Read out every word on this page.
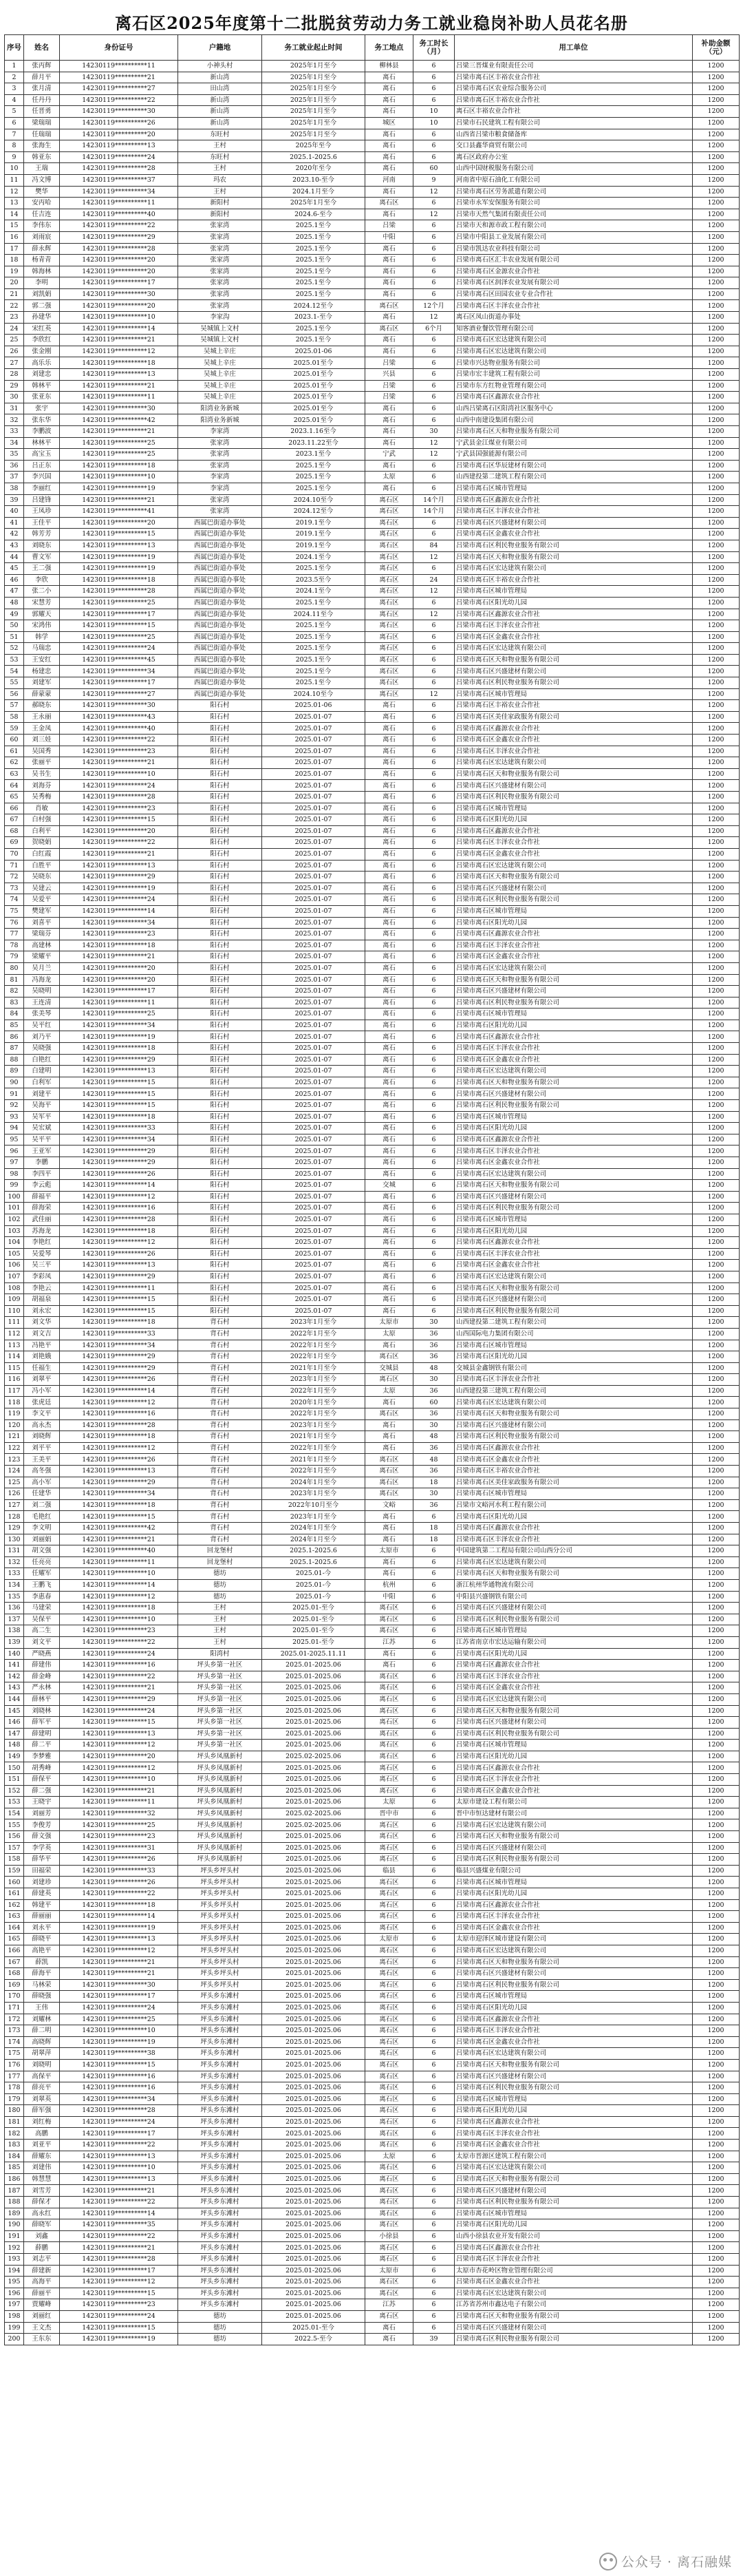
离石区2025年度第十二批脱贫劳动力务工就业稳岗补助人员花名册
序号	姓名	身份证号	户籍地	务工就业起止时间	务工地点	务工时长（月）	用工单位	补助金额（元）
1	张丙辉	14230119**********11	小神头村	2025年1月至今	柳林县	6	吕梁三晋煤业有限责任公司	1200
2	薛月平	14230119**********21	新山湾	2025年1月至今	离石	6	吕梁市离石区丰裕农业合作社	1200
3	张月清	14230119**********27	田山湾	2025年1月至今	离石	6	吕梁市离石区农业综合服务公司	1200
4	任丹丹	14230119**********22	新山湾	2025年1月至今	离石	6	吕梁市离石区丰裕农业合作社	1200
5	任晋勇	14230119**********30	新山湾	2025年1月至今	离石	10	离石区丰裕农业合作社	1200
6	梁瑞瑞	14230119**********26	新山湾	2025年1月至今	城区	10	吕梁市石民建筑工程有限公司	1200
7	任瑞瑞	14230119**********20	东旺村	2025年1月至今	离石	6	山西省吕梁市粮食储备库	1200
8	张海生	14230119**********13	王村	2025年至今	离石	6	交口县鑫华商贸有限公司	1200
9	韩亚东	14230119**********24	东旺村	2025.1-2025.6	离石	6	离石区政府办公室	1200
10	王瑞	14230119**********28	王村	2020年至今	离石	60	山西中国财税服务有限公司	1200
11	冯文博	14230119**********37	玛农	2023.10-至今	河南	9	河南省中原石油化工有限公司	1200
12	樊华	14230119**********34	王村	2024.1月至今	离石	12	吕梁市离石区劳务派遣有限公司	1200
13	安丙哈	14230119**********11	新阳村	2025年1月至今	离石区	6	吕梁市永军安保服务有限公司	1200
14	任吉连	14230119**********40	新阳村	2024.6-至今	离石	12	吕梁市天然气集团有限责任公司	1200
15	李伟东	14230119**********22	张家湾	2025.1至今	吕梁	6	吕梁市天和源市政工程有限公司	1200
16	刘雨宸	14230119**********29	张家湾	2025.1至今	中阳	6	吕梁市中阳县工业发展有限公司	1200
17	薛永辉	14230119**********28	张家湾	2025.1至今	离石	6	吕梁市凯达农业科技有限公司	1200
18	杨青青	14230119**********20	张家湾	2025.1至今	离石	6	吕梁市离石区汇丰农业发展有限公司	1200
19	韩海林	14230119**********20	张家湾	2025.1至今	离石	6	吕梁市离石区金源农业合作社	1200
20	李明	14230119**********17	张家湾	2025.1至今	离石	6	吕梁市离石区润泽农业发展有限公司	1200
21	刘凯娟	14230119**********30	张家湾	2025.1至今	离石	6	吕梁市离石区田园农业专业合作社	1200
22	郭二强	14230119**********20	张家湾	2024.12至今	离石区	12个月	吕梁市离石区丰泽农业合作社	1200
23	孙建华	14230119**********10	李家沟	2023.1-至今	离石	12	离石区凤山街道办事处	1200
24	宋红英	14230119**********14	吴城镇上文村	2025.1至今	离石区	6个月	知客酒业餐饮管理有限公司	1200
25	李欣红	14230119**********21	吴城镇上文村	2025.1至今	离石	6	吕梁市离石区宏达建筑有限公司	1200
26	张金刚	14230119**********12	吴城上辛庄	2025.01-06	离石	6	吕梁市离石区宏达建筑有限公司	1200
27	高乐乐	14230119**********18	吴城上辛庄	2025.01至今	吕梁	6	吕梁市兴达物业服务有限公司	1200
28	刘建忠	14230119**********13	吴城上辛庄	2025.01至今	兴县	6	吕梁市宏丰建筑工程有限公司	1200
29	韩林平	14230119**********21	吴城上辛庄	2025.01至今	吕梁	6	吕梁市东方红物业管理有限公司	1200
30	张亚东	14230119**********11	吴城上辛庄	2025.01至今	吕梁	6	吕梁市离石区鑫源农业合作社	1200
31	张宇	14230119**********30	阳湾业务新城	2025.01至今	离石	6	山西吕梁离石区阳湾社区服务中心	1200
32	张东华	14230119**********42	阳湾业务新城	2025.01至今	离石	6	山西中南建设集团有限公司	1200
33	李鹏波	14230119**********21	李家湾	2023.1.16至今	离石	30	吕梁市离石区天和物业服务有限公司	1200
34	林林平	14230119**********25	张家湾	2023.11.22至今	离石	12	宁武县金江煤业有限公司	1200
35	高宝玉	14230119**********25	张家湾	2023.1至今	宁武	12	宁武县国强能源有限公司	1200
36	吕正东	14230119**********18	张家湾	2025.1至今	离石	6	吕梁市离石区华辰建材有限公司	1200
37	李兴国	14230119**********10	李家湾	2025.1至今	太原	6	山西建投第二建筑工程有限公司	1200
38	李丽红	14230119**********19	李家湾	2025.1至今	离石	6	吕梁市离石区城市管理局	1200
39	吕建锋	14230119**********21	张家湾	2024.10至今	离石区	14个月	吕梁市离石区鑫源农业合作社	1200
40	王凤珍	14230119**********41	张家湾	2024.12至今	离石区	14个月	吕梁市离石区丰泽农业合作社	1200
41	王佳平	14230119**********20	西属巴街道办事处	2019.1至今	离石区	6	吕梁市离石区兴盛建材有限公司	1200
42	韩芳芳	14230119**********15	西属巴街道办事处	2019.1至今	离石区	6	吕梁市离石区金鑫农业合作社	1200
43	刘晓东	14230119**********13	西属巴街道办事处	2019.1至今	离石区	84	吕梁市离石区利民物业服务有限公司	1200
44	曹文军	14230119**********19	西属巴街道办事处	2024.1至今	离石区	12	吕梁市离石区天和物业服务有限公司	1200
45	王二强	14230119**********19	西属巴街道办事处	2025.1至今	离石区	6	吕梁市离石区宏达建筑有限公司	1200
46	李欣	14230119**********18	西属巴街道办事处	2023.5至今	离石区	24	吕梁市离石区丰裕农业合作社	1200
47	张二小	14230119**********28	西属巴街道办事处	2024.1至今	离石区	12	吕梁市离石区城市管理局	1200
48	宋慧芳	14230119**********25	西属巴街道办事处	2025.1至今	离石区	6	吕梁市离石区阳光幼儿园	1200
49	郭耀天	14230119**********17	西属巴街道办事处	2024.11至今	离石区	12	吕梁市离石区鑫源农业合作社	1200
50	宋鸿伟	14230119**********15	西属巴街道办事处	2025.1至今	离石区	6	吕梁市离石区丰泽农业合作社	1200
51	韩学	14230119**********25	西属巴街道办事处	2025.1至今	离石区	6	吕梁市离石区金鑫农业合作社	1200
52	马瑞忠	14230119**********24	西属巴街道办事处	2025.1至今	离石区	6	吕梁市离石区宏达建筑有限公司	1200
53	王安红	14230119**********45	西属巴街道办事处	2025.1至今	离石区	6	吕梁市离石区天和物业服务有限公司	1200
54	杨建忠	14230119**********34	西属巴街道办事处	2025.1至今	离石区	6	吕梁市离石区兴盛建材有限公司	1200
55	刘建军	14230119**********17	西属巴街道办事处	2025.1至今	离石区	6	吕梁市离石区利民物业服务有限公司	1200
56	薛蒙蒙	14230119**********27	西属巴街道办事处	2024.10至今	离石区	12	吕梁市离石区城市管理局	1200
57	郝晓东	14230119**********30	阳石村	2025.01-06	离石	6	吕梁市离石区丰裕农业合作社	1200
58	王永丽	14230119**********43	阳石村	2025.01-07	离石	6	吕梁市离石区美佳家政服务有限公司	1200
59	王金凤	14230119**********40	阳石村	2025.01-07	离石	6	吕梁市离石区鑫源农业合作社	1200
60	刘三娃	14230119**********22	阳石村	2025.01-07	离石	6	吕梁市离石区金鑫农业合作社	1200
61	吴国秀	14230119**********23	阳石村	2025.01-07	离石	6	吕梁市离石区丰泽农业合作社	1200
62	张丽平	14230119**********21	阳石村	2025.01-07	离石	6	吕梁市离石区宏达建筑有限公司	1200
63	吴书生	14230119**********10	阳石村	2025.01-07	离石	6	吕梁市离石区天和物业服务有限公司	1200
64	刘海芬	14230119**********24	阳石村	2025.01-07	离石	6	吕梁市离石区兴盛建材有限公司	1200
65	吴秀梅	14230119**********28	阳石村	2025.01-07	离石	6	吕梁市离石区利民物业服务有限公司	1200
66	肖敏	14230119**********23	阳石村	2025.01-07	离石	6	吕梁市离石区城市管理局	1200
67	白村强	14230119**********15	阳石村	2025.01-07	离石	6	吕梁市离石区阳光幼儿园	1200
68	白利平	14230119**********20	阳石村	2025.01-07	离石	6	吕梁市离石区鑫源农业合作社	1200
69	贺晓娟	14230119**********22	阳石村	2025.01-07	离石	6	吕梁市离石区丰泽农业合作社	1200
70	白红霞	14230119**********21	阳石村	2025.01-07	离石	6	吕梁市离石区金鑫农业合作社	1200
71	白胜平	14230119**********13	阳石村	2025.01-07	离石	6	吕梁市离石区宏达建筑有限公司	1200
72	吴晓东	14230119**********29	阳石村	2025.01-07	离石	6	吕梁市离石区天和物业服务有限公司	1200
73	吴建云	14230119**********19	阳石村	2025.01-07	离石	6	吕梁市离石区兴盛建材有限公司	1200
74	吴爱平	14230119**********24	阳石村	2025.01-07	离石	6	吕梁市离石区利民物业服务有限公司	1200
75	樊建军	14230119**********14	阳石村	2025.01-07	离石	6	吕梁市离石区城市管理局	1200
76	刘喜平	14230119**********34	阳石村	2025.01-07	离石	6	吕梁市离石区阳光幼儿园	1200
77	梁瑞芬	14230119**********23	阳石村	2025.01-07	离石	6	吕梁市离石区鑫源农业合作社	1200
78	高建林	14230119**********18	阳石村	2025.01-07	离石	6	吕梁市离石区丰泽农业合作社	1200
79	梁耀平	14230119**********21	阳石村	2025.01-07	离石	6	吕梁市离石区金鑫农业合作社	1200
80	吴月兰	14230119**********20	阳石村	2025.01-07	离石	6	吕梁市离石区宏达建筑有限公司	1200
81	冯海龙	14230119**********20	阳石村	2025.01-07	离石	6	吕梁市离石区天和物业服务有限公司	1200
82	吴晓明	14230119**********17	阳石村	2025.01-07	离石	6	吕梁市离石区兴盛建材有限公司	1200
83	王连清	14230119**********11	阳石村	2025.01-07	离石	6	吕梁市离石区利民物业服务有限公司	1200
84	张美琴	14230119**********25	阳石村	2025.01-07	离石	6	吕梁市离石区城市管理局	1200
85	吴平红	14230119**********34	阳石村	2025.01-07	离石	6	吕梁市离石区阳光幼儿园	1200
86	刘乃平	14230119**********19	阳石村	2025.01-07	离石	6	吕梁市离石区鑫源农业合作社	1200
87	吴晓强	14230119**********18	阳石村	2025.01-07	离石	6	吕梁市离石区丰泽农业合作社	1200
88	白艳红	14230119**********29	阳石村	2025.01-07	离石	6	吕梁市离石区金鑫农业合作社	1200
89	白建明	14230119**********13	阳石村	2025.01-07	离石	6	吕梁市离石区宏达建筑有限公司	1200
90	白利军	14230119**********15	阳石村	2025.01-07	离石	6	吕梁市离石区天和物业服务有限公司	1200
91	刘建平	14230119**********15	阳石村	2025.01-07	离石	6	吕梁市离石区兴盛建材有限公司	1200
92	吴海平	14230119**********15	阳石村	2025.01-07	离石	6	吕梁市离石区利民物业服务有限公司	1200
93	吴军平	14230119**********18	阳石村	2025.01-07	离石	6	吕梁市离石区城市管理局	1200
94	吴宏斌	14230119**********33	阳石村	2025.01-07	离石	6	吕梁市离石区阳光幼儿园	1200
95	吴平平	14230119**********34	阳石村	2025.01-07	离石	6	吕梁市离石区鑫源农业合作社	1200
96	王亚军	14230119**********29	阳石村	2025.01-07	离石	6	吕梁市离石区丰泽农业合作社	1200
97	李鹏	14230119**********29	阳石村	2025.01-07	离石	6	吕梁市离石区金鑫农业合作社	1200
98	李四平	14230119**********26	阳石村	2025.01-07	离石	6	吕梁市离石区宏达建筑有限公司	1200
99	李云彪	14230119**********14	阳石村	2025.01-07	交城	6	吕梁市离石区天和物业服务有限公司	1200
100	薛福平	14230119**********12	阳石村	2025.01-07	离石	6	吕梁市离石区兴盛建材有限公司	1200
101	薛海荣	14230119**********16	阳石村	2025.01-07	离石	6	吕梁市离石区利民物业服务有限公司	1200
102	武佳丽	14230119**********28	阳石村	2025.01-07	离石	6	吕梁市离石区城市管理局	1200
103	苏海龙	14230119**********18	阳石村	2025.01-07	离石	6	吕梁市离石区阳光幼儿园	1200
104	李艳红	14230119**********12	阳石村	2025.01-07	离石	6	吕梁市离石区鑫源农业合作社	1200
105	吴爱琴	14230119**********26	阳石村	2025.01-07	离石	6	吕梁市离石区丰泽农业合作社	1200
106	吴三平	14230119**********13	阳石村	2025.01-07	离石	6	吕梁市离石区金鑫农业合作社	1200
107	李彩凤	14230119**********29	阳石村	2025.01-07	离石	6	吕梁市离石区宏达建筑有限公司	1200
108	李艳云	14230119**********11	阳石村	2025.01-07	离石	6	吕梁市离石区天和物业服务有限公司	1200
109	胡福泉	14230119**********15	阳石村	2025.01-07	离石	6	吕梁市离石区兴盛建材有限公司	1200
110	刘永宏	14230119**********15	阳石村	2025.01-07	离石	6	吕梁市离石区利民物业服务有限公司	1200
111	刘文华	14230119**********18	背石村	2023年1月至今	太原市	30	山西建投第二建筑工程有限公司	1200
112	刘文吉	14230119**********33	背石村	2022年1月至今	太原	36	山西国际电力集团有限公司	1200
113	冯艳平	14230119**********34	背石村	2022年1月至今	离石	36	吕梁市离石区城市管理局	1200
114	刘艳娥	14230119**********29	背石村	2022年1月至今	离石区	36	吕梁市离石区阳光幼儿园	1200
115	任福生	14230119**********29	背石村	2021年1月至今	交城县	48	交城县金鑫钢铁有限公司	1200
116	刘翠平	14230119**********26	背石村	2023年1月至今	离石区	30	吕梁市离石区丰泽农业合作社	1200
117	冯小军	14230119**********14	背石村	2022年1月至今	太原	36	山西建投第三建筑工程有限公司	1200
118	张虎廷	14230119**********12	背石村	2020年1月至今	离石	60	吕梁市离石区宏达建筑有限公司	1200
119	李文平	14230119**********16	背石村	2022年1月至今	离石区	36	吕梁市离石区天和物业服务有限公司	1200
120	高永杰	14230119**********28	背石村	2023年1月至今	离石	30	吕梁市离石区兴盛建材有限公司	1200
121	刘晓辉	14230119**********18	背石村	2021年1月至今	离石	48	吕梁市离石区利民物业服务有限公司	1200
122	刘平平	14230119**********12	背石村	2022年1月至今	离石	36	吕梁市离石区鑫源农业合作社	1200
123	王美平	14230119**********26	背石村	2021年1月至今	离石区	48	吕梁市离石区金鑫农业合作社	1200
124	高冬强	14230119**********13	背石村	2022年1月至今	离石区	36	吕梁市离石区丰裕农业合作社	1200
125	高小军	14230119**********29	背石村	2024年1月至今	离石区	18	吕梁市离石区美佳家政服务有限公司	1200
126	任建华	14230119**********34	背石村	2023年1月至今	离石区	30	吕梁市离石区城市管理局	1200
127	刘二强	14230119**********18	背石村	2022年10月至今	文峪	36	吕梁市文峪河水利工程有限公司	1200
128	毛艳红	14230119**********15	背石村	2023年1月至今	离石	6	吕梁市离石区阳光幼儿园	1200
129	李文明	14230119**********42	背石村	2024年1月至今	离石	18	吕梁市离石区鑫源农业合作社	1200
130	刘丽娟	14230119**********21	背石村	2024年1月至今	离石	18	吕梁市离石区丰泽农业合作社	1200
131	胡文强	14230119**********40	回龙堡村	2025.1-2025.6	太原市	6	中国建筑第二工程局有限公司山西分公司	1200
132	任亮亮	14230119**********11	回龙堡村	2025.1-2025.6	离石	6	吕梁市离石区宏达建筑有限公司	1200
133	任耀军	14230119**********10	德坊	2025.01-今	离石	6	吕梁市离石区天和物业服务有限公司	1200
134	王鹏飞	14230119**********14	德坊	2025.01-今	杭州	6	浙江杭州华通物流有限公司	1200
135	李惠春	14230119**********12	德坊	2025.01-今	中阳	6	中阳县兴盛钢铁有限公司	1200
136	马建荣	14230119**********18	王村	2025.01-至今	离石区	6	吕梁市离石区兴盛建材有限公司	1200
137	吴保平	14230119**********10	王村	2025.01-至今	离石区	6	吕梁市离石区利民物业服务有限公司	1200
138	高二生	14230119**********23	王村	2025.01-至今	离石区	6	吕梁市离石区城市管理局	1200
139	刘文平	14230119**********22	王村	2025.01-至今	江苏	6	江苏省南京市宏达运输有限公司	1200
140	严晓燕	14230119**********24	阳湾村	2025.01-2025.11.11	离石	6	吕梁市离石区阳光幼儿园	1200
141	薛建伟	14230119**********16	坪头乡第一社区	2025.01-2025.06	离石	6	吕梁市离石区鑫源农业合作社	1200
142	薛金峰	14230119**********22	坪头乡第一社区	2025.01-2025.06	离石区	6	吕梁市离石区丰泽农业合作社	1200
143	严永林	14230119**********21	坪头乡第一社区	2025.01-2025.06	离石区	6	吕梁市离石区金鑫农业合作社	1200
144	薛林平	14230119**********29	坪头乡第一社区	2025.01-2025.06	离石区	6	吕梁市离石区宏达建筑有限公司	1200
145	刘晓林	14230119**********24	坪头乡第一社区	2025.01-2025.06	离石区	6	吕梁市离石区天和物业服务有限公司	1200
146	薛军平	14230119**********15	坪头乡第一社区	2025.01-2025.06	离石区	6	吕梁市离石区兴盛建材有限公司	1200
147	薛建明	14230119**********13	坪头乡第一社区	2025.01-2025.06	离石区	6	吕梁市离石区利民物业服务有限公司	1200
148	薛二平	14230119**********12	坪头乡第一社区	2025.01-2025.06	离石区	6	吕梁市离石区城市管理局	1200
149	李梦雅	14230119**********20	坪头乡凤凰新村	2025.02-2025.06	离石区	6	吕梁市离石区阳光幼儿园	1200
150	胡秀峰	14230119**********12	坪头乡凤凰新村	2025.01-2025.06	离石区	6	吕梁市离石区鑫源农业合作社	1200
151	薛保平	14230119**********10	坪头乡凤凰新村	2025.01-2025.06	离石区	6	吕梁市离石区丰泽农业合作社	1200
152	薛二强	14230119**********21	坪头乡凤凰新村	2025.01-2025.06	离石区	6	吕梁市离石区金鑫农业合作社	1200
153	王晓宇	14230119**********11	坪头乡凤凰新村	2025.01-2025.06	太原	6	太原市建设工程有限公司	1200
154	刘丽芳	14230119**********32	坪头乡凤凰新村	2025.02-2025.06	晋中市	6	晋中市恒达建材有限公司	1200
155	李俊芳	14230119**********25	坪头乡凤凰新村	2025.02-2025.06	离石区	6	吕梁市离石区宏达建筑有限公司	1200
156	薛文强	14230119**********23	坪头乡凤凰新村	2025.01-2025.06	离石区	6	吕梁市离石区天和物业服务有限公司	1200
157	李学英	14230119**********31	坪头乡凤凰新村	2025.01-2025.06	离石区	6	吕梁市离石区兴盛建材有限公司	1200
158	薛华平	14230119**********26	坪头乡凤凰新村	2025.01-2025.06	离石区	6	吕梁市离石区利民物业服务有限公司	1200
159	田福荣	14230119**********33	坪头乡坪头村	2025.01-2025.06	临县	6	临县兴盛煤业有限公司	1200
160	刘建珍	14230119**********26	坪头乡坪头村	2025.01-2025.06	离石区	6	吕梁市离石区城市管理局	1200
161	薛建英	14230119**********22	坪头乡坪头村	2025.01-2025.06	离石区	6	吕梁市离石区阳光幼儿园	1200
162	韩建平	14230119**********18	坪头乡坪头村	2025.01-2025.06	离石区	6	吕梁市离石区鑫源农业合作社	1200
163	薛丽丽	14230119**********14	坪头乡坪头村	2025.01-2025.06	离石区	6	吕梁市离石区丰泽农业合作社	1200
164	刘永平	14230119**********19	坪头乡坪头村	2025.01-2025.06	离石区	6	吕梁市离石区金鑫农业合作社	1200
165	薛晓平	14230119**********13	坪头乡坪头村	2025.01-2025.06	太原市	6	太原市迎泽区城市建设有限公司	1200
166	高艳平	14230119**********12	坪头乡坪头村	2025.01-2025.06	离石区	6	吕梁市离石区宏达建筑有限公司	1200
167	薛凯	14230119**********21	坪头乡坪头村	2025.01-2025.06	离石区	6	吕梁市离石区天和物业服务有限公司	1200
168	薛海平	14230119**********21	坪头乡坪头村	2025.01-2025.06	离石区	6	吕梁市离石区兴盛建材有限公司	1200
169	马林荣	14230119**********30	坪头乡坪头村	2025.01-2025.06	离石区	6	吕梁市离石区利民物业服务有限公司	1200
170	薛晓强	14230119**********17	坪头乡东滩村	2025.01-2025.06	离石区	6	吕梁市离石区城市管理局	1200
171	王伟	14230119**********24	坪头乡东滩村	2025.01-2025.06	离石区	6	吕梁市离石区阳光幼儿园	1200
172	刘耀林	14230119**********25	坪头乡东滩村	2025.01-2025.06	离石区	6	吕梁市离石区鑫源农业合作社	1200
173	薛二明	14230119**********10	坪头乡东滩村	2025.01-2025.06	离石区	6	吕梁市离石区丰泽农业合作社	1200
174	高晓辉	14230119**********19	坪头乡东滩村	2025.01-2025.06	离石区	6	吕梁市离石区金鑫农业合作社	1200
175	胡翠萍	14230119**********38	坪头乡东滩村	2025.01-2025.06	离石区	6	吕梁市离石区宏达建筑有限公司	1200
176	刘晓明	14230119**********15	坪头乡东滩村	2025.01-2025.06	离石区	6	吕梁市离石区天和物业服务有限公司	1200
177	高保平	14230119**********16	坪头乡东滩村	2025.01-2025.06	离石区	6	吕梁市离石区兴盛建材有限公司	1200
178	薛亮平	14230119**********16	坪头乡东滩村	2025.01-2025.06	离石区	6	吕梁市离石区利民物业服务有限公司	1200
179	刘翠英	14230119**********34	坪头乡东滩村	2025.01-2025.06	离石区	6	吕梁市离石区城市管理局	1200
180	薛军强	14230119**********28	坪头乡东滩村	2025.01-2025.06	离石区	6	吕梁市离石区阳光幼儿园	1200
181	刘红梅	14230119**********24	坪头乡东滩村	2025.01-2025.06	离石区	6	吕梁市离石区鑫源农业合作社	1200
182	高鹏	14230119**********17	坪头乡东滩村	2025.01-2025.06	离石区	6	吕梁市离石区丰泽农业合作社	1200
183	刘亚平	14230119**********22	坪头乡东滩村	2025.01-2025.06	离石区	6	吕梁市离石区金鑫农业合作社	1200
184	薛耀东	14230119**********13	坪头乡东滩村	2025.01-2025.06	太原	6	太原市晋源区建筑工程有限公司	1200
185	刘建伟	14230119**********10	坪头乡东滩村	2025.01-2025.06	离石区	6	吕梁市离石区宏达建筑有限公司	1200
186	韩慧慧	14230119**********13	坪头乡东滩村	2025.01-2025.06	离石区	6	吕梁市离石区天和物业服务有限公司	1200
187	刘雪芳	14230119**********21	坪头乡东滩村	2025.01-2025.06	离石区	6	吕梁市离石区兴盛建材有限公司	1200
188	薛保才	14230119**********22	坪头乡东滩村	2025.01-2025.06	离石区	6	吕梁市离石区利民物业服务有限公司	1200
189	高永红	14230119**********14	坪头乡东滩村	2025.01-2025.06	离石区	6	吕梁市离石区城市管理局	1200
190	薛晓军	14230119**********35	坪头乡东滩村	2025.01-2025.06	离石区	6	吕梁市离石区阳光幼儿园	1200
191	刘鑫	14230119**********22	坪头乡东滩村	2025.01-2025.06	小徐县	6	山西小徐县农业开发有限公司	1200
192	薛鹏	14230119**********21	坪头乡东滩村	2025.01-2025.06	离石区	6	吕梁市离石区鑫源农业合作社	1200
193	刘志平	14230119**********28	坪头乡东滩村	2025.01-2025.06	离石区	6	吕梁市离石区丰泽农业合作社	1200
194	薛建新	14230119**********17	坪头乡东滩村	2025.01-2025.06	太原市	6	太原市杏花岭区物业管理有限公司	1200
195	高海平	14230119**********12	坪头乡东滩村	2025.01-2025.06	离石区	6	吕梁市离石区金鑫农业合作社	1200
196	薛丽平	14230119**********15	坪头乡东滩村	2025.01-2025.06	离石区	6	吕梁市离石区宏达建筑有限公司	1200
197	贾耀峰	14230119**********23	坪头乡东滩村	2025.01-2025.06	江苏	6	江苏省苏州市鑫达电子有限公司	1200
198	刘丽红	14230119**********24	德坊	2025.01-2025.06	离石区	6	吕梁市离石区天和物业服务有限公司	1200
199	王文杰	14230119**********15	德坊	2025.01-至今	离石	6	吕梁市离石区兴盛建材有限公司	1200
200	王东东	14230119**********19	德坊	2022.5-至今	离石	39	吕梁市离石区利民物业服务有限公司	1200
公众号 · 离石融媒
